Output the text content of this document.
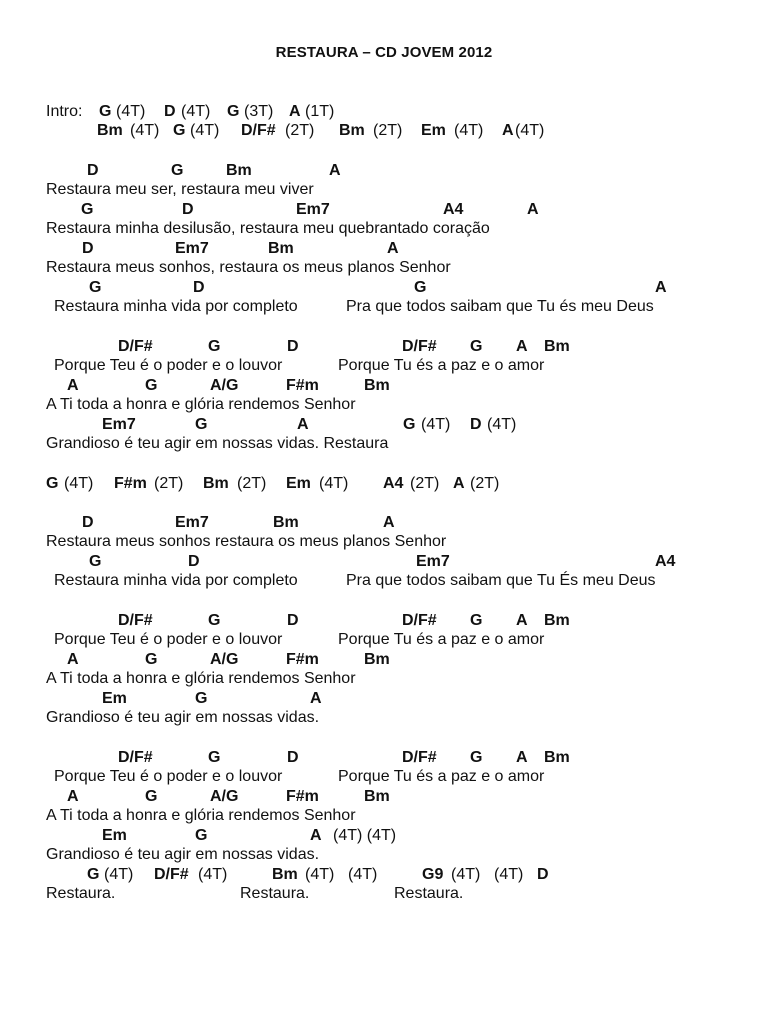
RESTAURA – CD JOVEM 2012
Intro: G (4T) D (4T) G (3T) A (1T)
Bm (4T) G (4T) D/F# (2T) Bm (2T) Em (4T) A (4T)
D	G	Bm	A
Restaura meu ser, restaura meu viver
G	D	Em7	A4	A
Restaura minha desilusão, restaura meu quebrantado coração
D	Em7	Bm	A
Restaura meus sonhos, restaura os meus planos Senhor
G	D	G	A
Restaura minha vida por completo	Pra que todos saibam que Tu és meu Deus
D/F#	G	D	D/F# G A Bm
Porque Teu é o poder e o louvor	Porque Tu és a paz e o amor
A	G	A/G	F#m	Bm
A Ti toda a honra e glória rendemos Senhor
Em7	G	A	G (4T) D (4T)
Grandioso é teu agir em nossas vidas. Restaura
G (4T) F#m (2T) Bm (2T) Em (4T) A4 (2T) A (2T)
D	Em7	Bm	A
Restaura meus sonhos restaura os meus planos Senhor
G	D	Em7	A4
Restaura minha vida por completo	Pra que todos saibam que Tu És meu Deus
D/F#	G	D	D/F# G A Bm
Porque Teu é o poder e o louvor	Porque Tu és a paz e o amor
A	G	A/G	F#m	Bm
A Ti toda a honra e glória rendemos Senhor
Em	G	A
Grandioso é teu agir em nossas vidas.
D/F#	G	D	D/F# G A Bm
Porque Teu é o poder e o louvor	Porque Tu és a paz e o amor
A	G	A/G	F#m	Bm
A Ti toda a honra e glória rendemos Senhor
Em	G	A (4T) (4T)
Grandioso é teu agir em nossas vidas.
G (4T) D/F# (4T)	Bm (4T) (4T)	G9 (4T) (4T) D
Restaura.	Restaura.	Restaura.
